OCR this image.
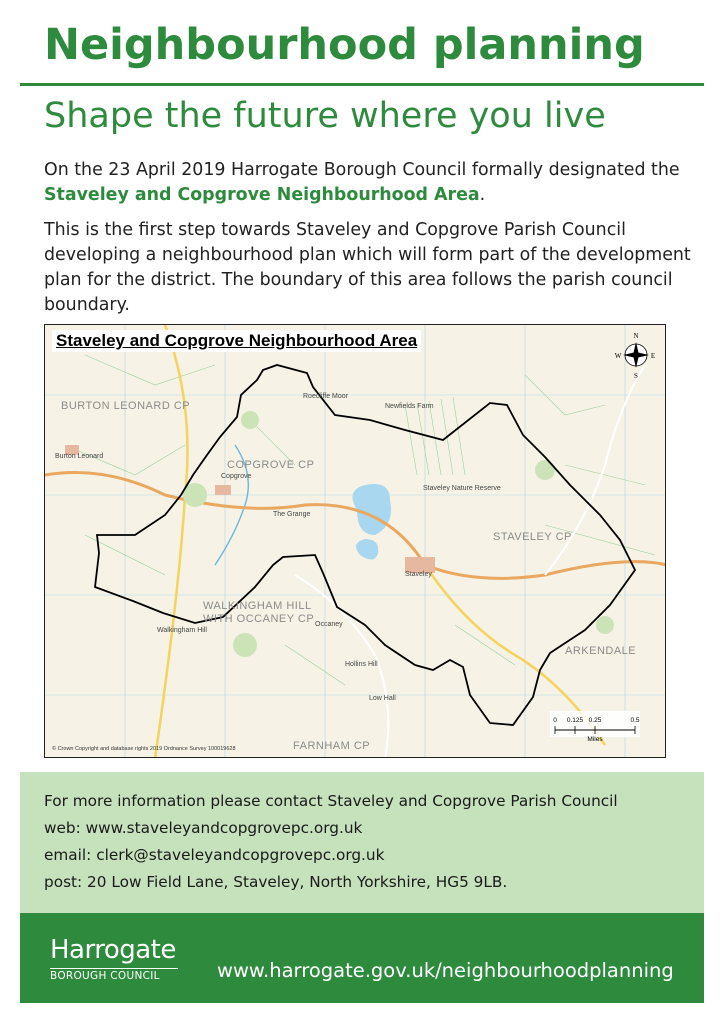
Neighbourhood planning
Shape the future where you live

On the 23 April 2019 Harrogate Borough Council formally designated the Staveley and Copgrove Neighbourhood Area.

This is the first step towards Staveley and Copgrove Parish Council developing a neighbourhood plan which will form part of the development plan for the district. The boundary of this area follows the parish council boundary.

N
S
E
W
0 0.125 0.25	0.5
Miles
BURTON LEONARD CP
COPGROVE CP
STAVELEY CP
WALKINGHAM HILL
WITH OCCANEY CP
ARKENDALE
FARNHAM CP
Burton Leonard
Copgrove
Staveley
Roecliffe Moor
Newfields Farm
Staveley Nature Reserve
Walkingham Hill
Occaney
The Grange
Low Hall
Hollins Hill
Staveley and Copgrove Neighbourhood Area
© Crown Copyright and database rights 2019 Ordnance Survey 100019628

For more information please contact Staveley and Copgrove Parish Council

web: www.staveleyandcopgrovepc.org.uk

email: clerk@staveleyandcopgrovepc.org.uk

post: 20 Low Field Lane, Staveley, North Yorkshire, HG5 9LB.

Harrogate
BOROUGH COUNCIL	www.harrogate.gov.uk/neighbourhoodplanning
